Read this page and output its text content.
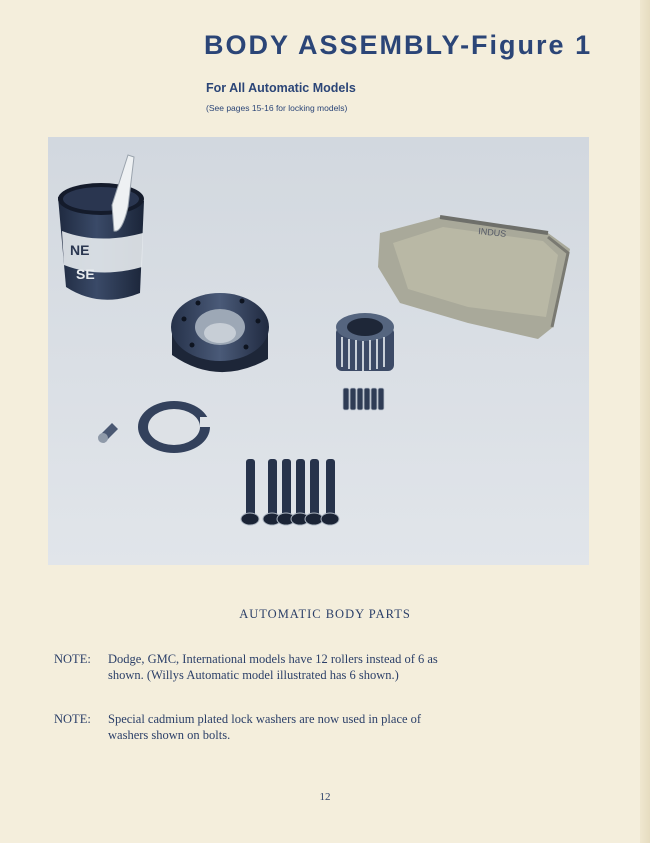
BODY ASSEMBLY-Figure 1
For All Automatic Models
(See pages 15-16 for locking models)
INDUS
NE
SE
AUTOMATIC BODY PARTS
NOTE: Dodge, GMC, International models have 12 rollers instead of 6 as
shown. (Willys Automatic model illustrated has 6 shown.)
NOTE: Special cadmium plated lock washers are now used in place of
washers shown on bolts.
12
